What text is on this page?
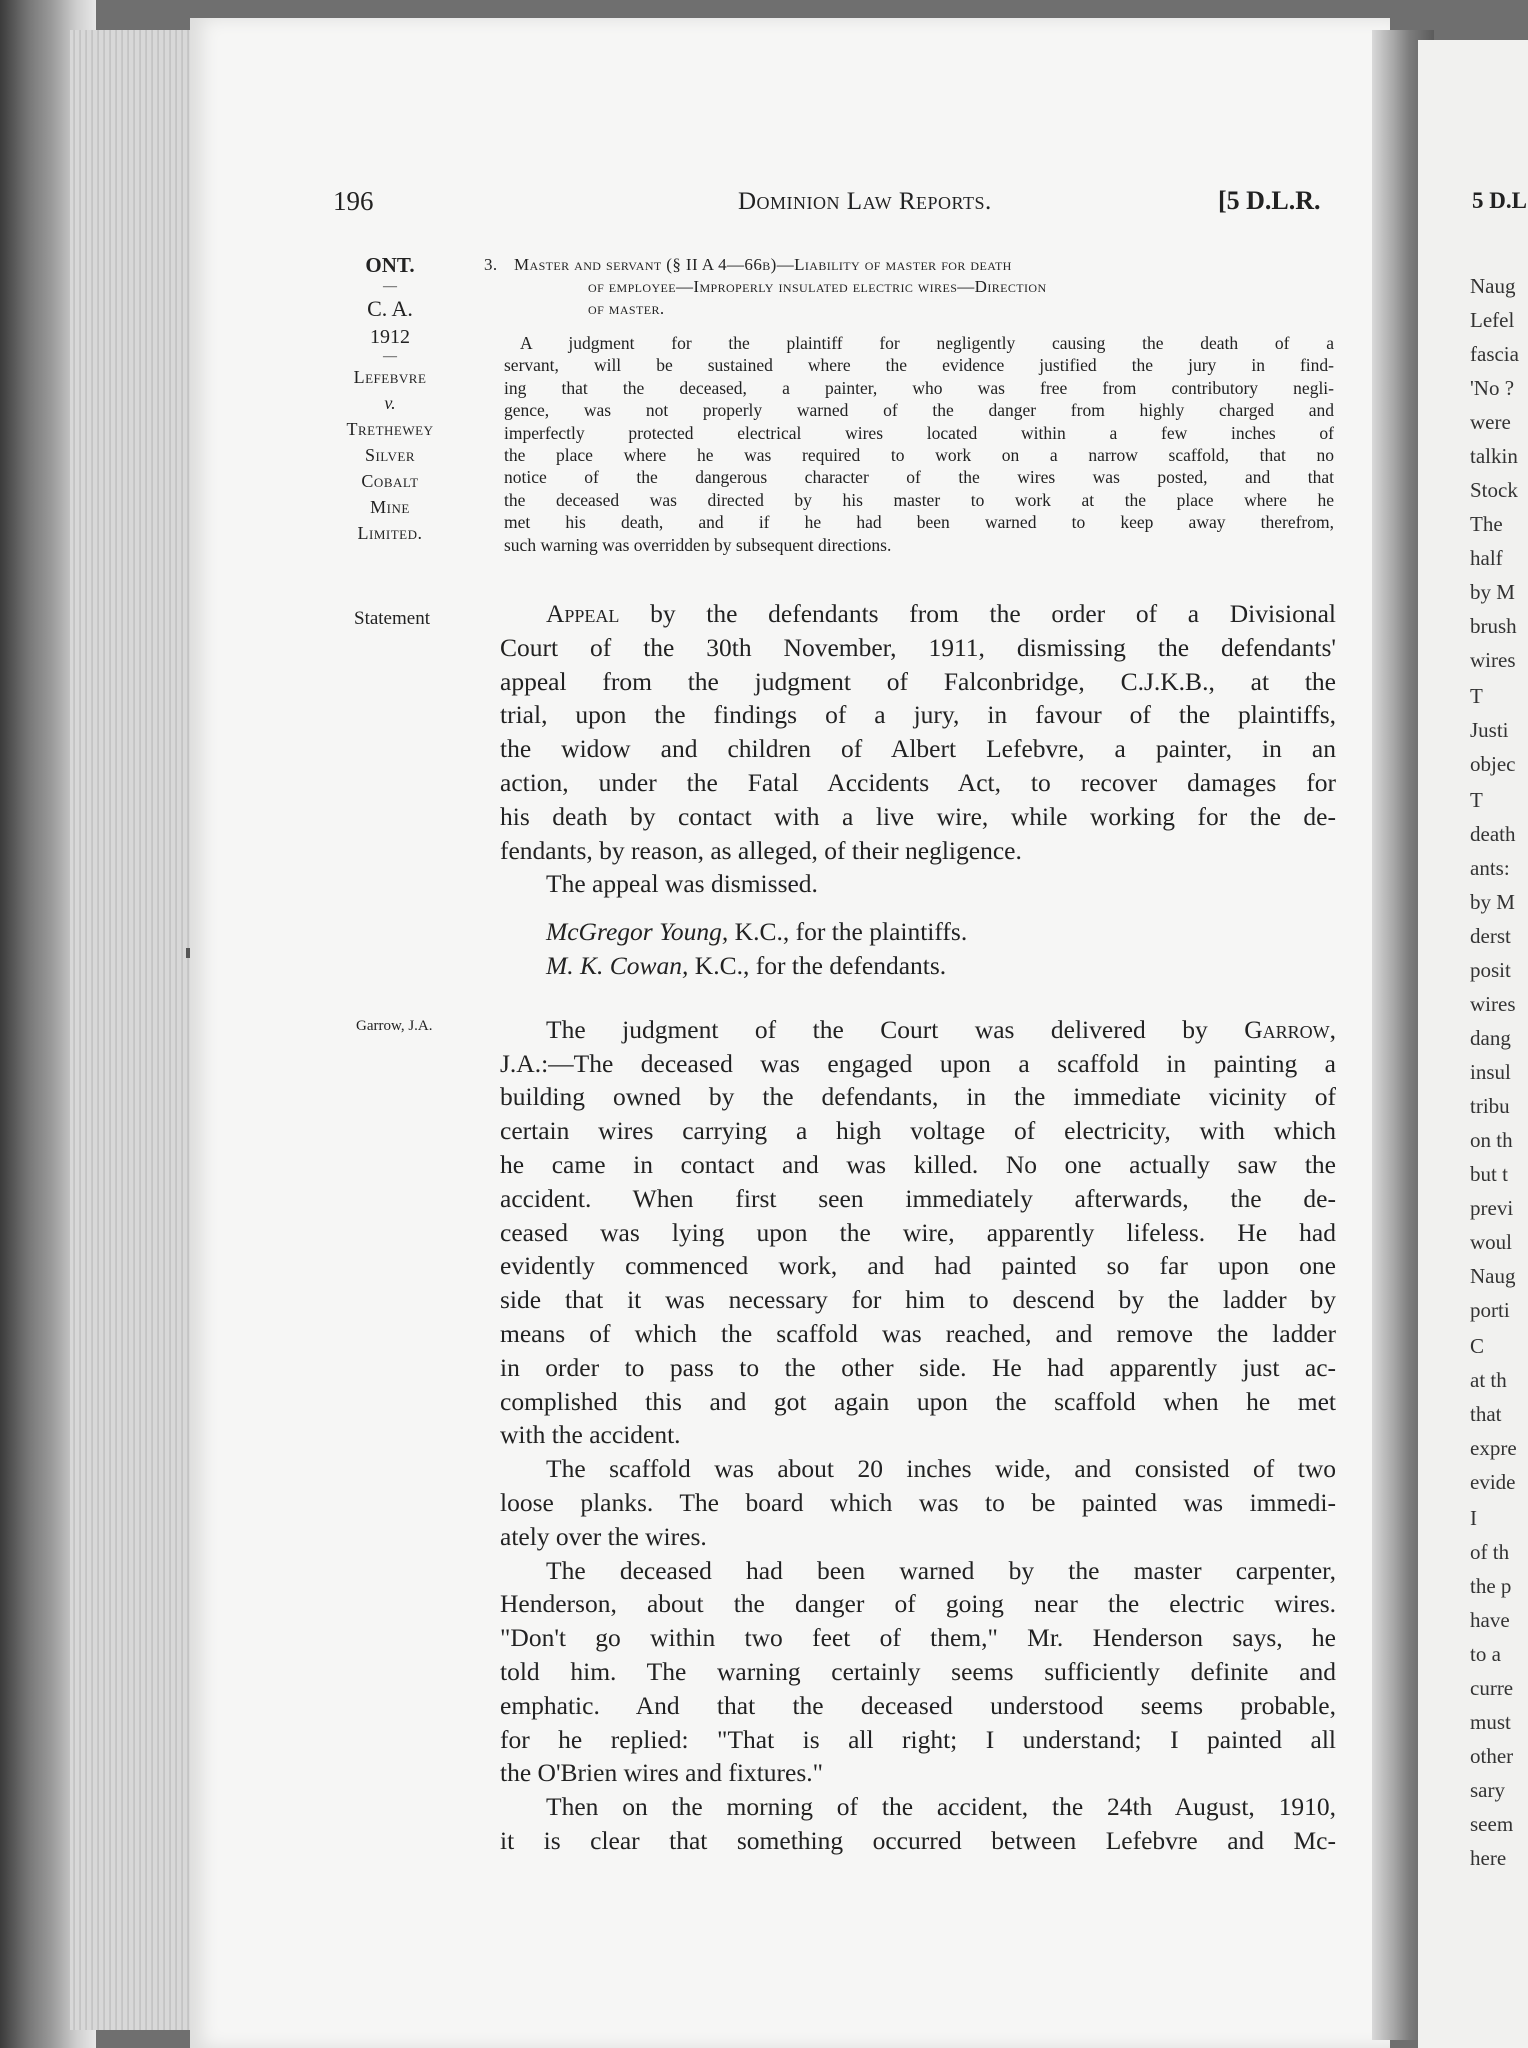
5 D.L
Naug
Lefel
fascia
'No ?
were
talkin
Stock
The
half
by M
brush
wires
T
Justi
objec
T
death
ants:
by M
derst
posit
wires
dang
insul
tribu
on th
but t
previ
woul
Naug
porti
C
at th
that
expre
evide
I
of th
the p
have
to a
curre
must
other
sary
seem
here
196	Dominion Law Reports.	[5 D.L.R.
ONT.
—
C. A.
1912
—
Lefebvre
v.
Trethewey
Silver
Cobalt
Mine
Limited.
Statement
Garrow, J.A.
3. Master and servant (§ II A 4—66b)—Liability of master for death
of employee—Improperly insulated electric wires—Direction
of master.
A judgment for the plaintiff for negligently causing the death of a
servant, will be sustained where the evidence justified the jury in find-
ing that the deceased, a painter, who was free from contributory negli-
gence, was not properly warned of the danger from highly charged and
imperfectly protected electrical wires located within a few inches of
the place where he was required to work on a narrow scaffold, that no
notice of the dangerous character of the wires was posted, and that
the deceased was directed by his master to work at the place where he
met his death, and if he had been warned to keep away therefrom,
such warning was overridden by subsequent directions.
Appeal by the defendants from the order of a Divisional
Court of the 30th November, 1911, dismissing the defendants'
appeal from the judgment of Falconbridge, C.J.K.B., at the
trial, upon the findings of a jury, in favour of the plaintiffs,
the widow and children of Albert Lefebvre, a painter, in an
action, under the Fatal Accidents Act, to recover damages for
his death by contact with a live wire, while working for the de-
fendants, by reason, as alleged, of their negligence.
The appeal was dismissed.
McGregor Young, K.C., for the plaintiffs.
M. K. Cowan, K.C., for the defendants.
The judgment of the Court was delivered by Garrow,
J.A.:—The deceased was engaged upon a scaffold in painting a
building owned by the defendants, in the immediate vicinity of
certain wires carrying a high voltage of electricity, with which
he came in contact and was killed. No one actually saw the
accident. When first seen immediately afterwards, the de-
ceased was lying upon the wire, apparently lifeless. He had
evidently commenced work, and had painted so far upon one
side that it was necessary for him to descend by the ladder by
means of which the scaffold was reached, and remove the ladder
in order to pass to the other side. He had apparently just ac-
complished this and got again upon the scaffold when he met
with the accident.
The scaffold was about 20 inches wide, and consisted of two
loose planks. The board which was to be painted was immedi-
ately over the wires.
The deceased had been warned by the master carpenter,
Henderson, about the danger of going near the electric wires.
"Don't go within two feet of them," Mr. Henderson says, he
told him. The warning certainly seems sufficiently definite and
emphatic. And that the deceased understood seems probable,
for he replied: "That is all right; I understand; I painted all
the O'Brien wires and fixtures."
Then on the morning of the accident, the 24th August, 1910,
it is clear that something occurred between Lefebvre and Mc-
